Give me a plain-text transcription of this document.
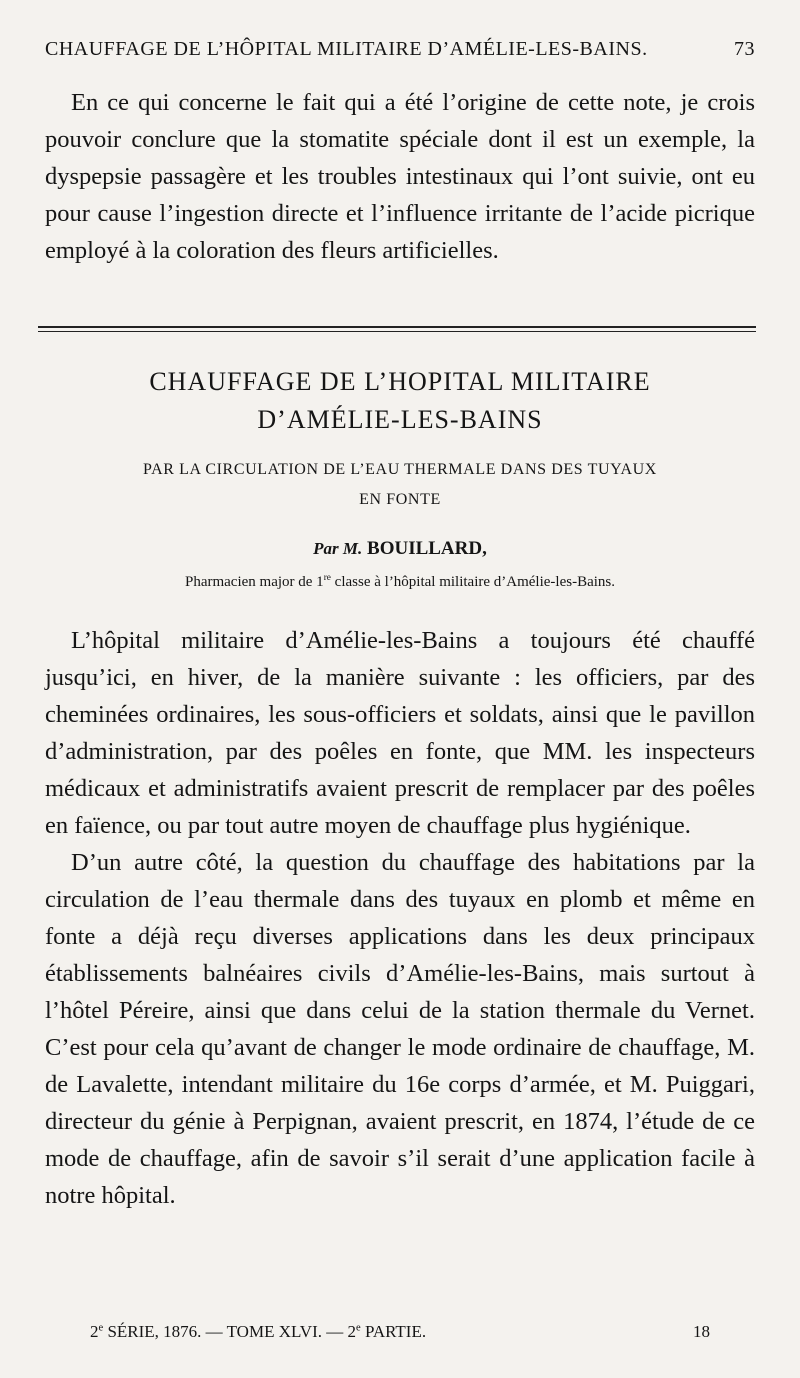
CHAUFFAGE DE L’HÔPITAL MILITAIRE D’AMÉLIE-LES-BAINS.	73

En ce qui concerne le fait qui a été l’origine de cette note, je crois pouvoir conclure que la stomatite spéciale dont il est un exemple, la dyspepsie passagère et les troubles intestinaux qui l’ont suivie, ont eu pour cause l’ingestion directe et l’influence irritante de l’acide picrique employé à la coloration des fleurs artificielles.

CHAUFFAGE DE L’HOPITAL MILITAIRE
D’AMÉLIE-LES-BAINS
PAR LA CIRCULATION DE L’EAU THERMALE DANS DES TUYAUX
EN FONTE
Par M. BOUILLARD,
Pharmacien major de 1re classe à l’hôpital militaire d’Amélie-les-Bains.

L’hôpital militaire d’Amélie-les-Bains a toujours été chauffé jusqu’ici, en hiver, de la manière suivante : les officiers, par des cheminées ordinaires, les sous-officiers et soldats, ainsi que le pavillon d’administration, par des poêles en fonte, que MM. les inspecteurs médicaux et administratifs avaient prescrit de remplacer par des poêles en faïence, ou par tout autre moyen de chauffage plus hygiénique.

D’un autre côté, la question du chauffage des habitations par la circulation de l’eau thermale dans des tuyaux en plomb et même en fonte a déjà reçu diverses applications dans les deux principaux établissements balnéaires civils d’Amélie-les-Bains, mais surtout à l’hôtel Péreire, ainsi que dans celui de la station thermale du Vernet. C’est pour cela qu’avant de changer le mode ordinaire de chauffage, M. de Lavalette, intendant militaire du 16e corps d’armée, et M. Puiggari, directeur du génie à Perpignan, avaient prescrit, en 1874, l’étude de ce mode de chauffage, afin de savoir s’il serait d’une application facile à notre hôpital.

2e SÉRIE, 1876. — TOME XLVI. — 2e PARTIE.	18
